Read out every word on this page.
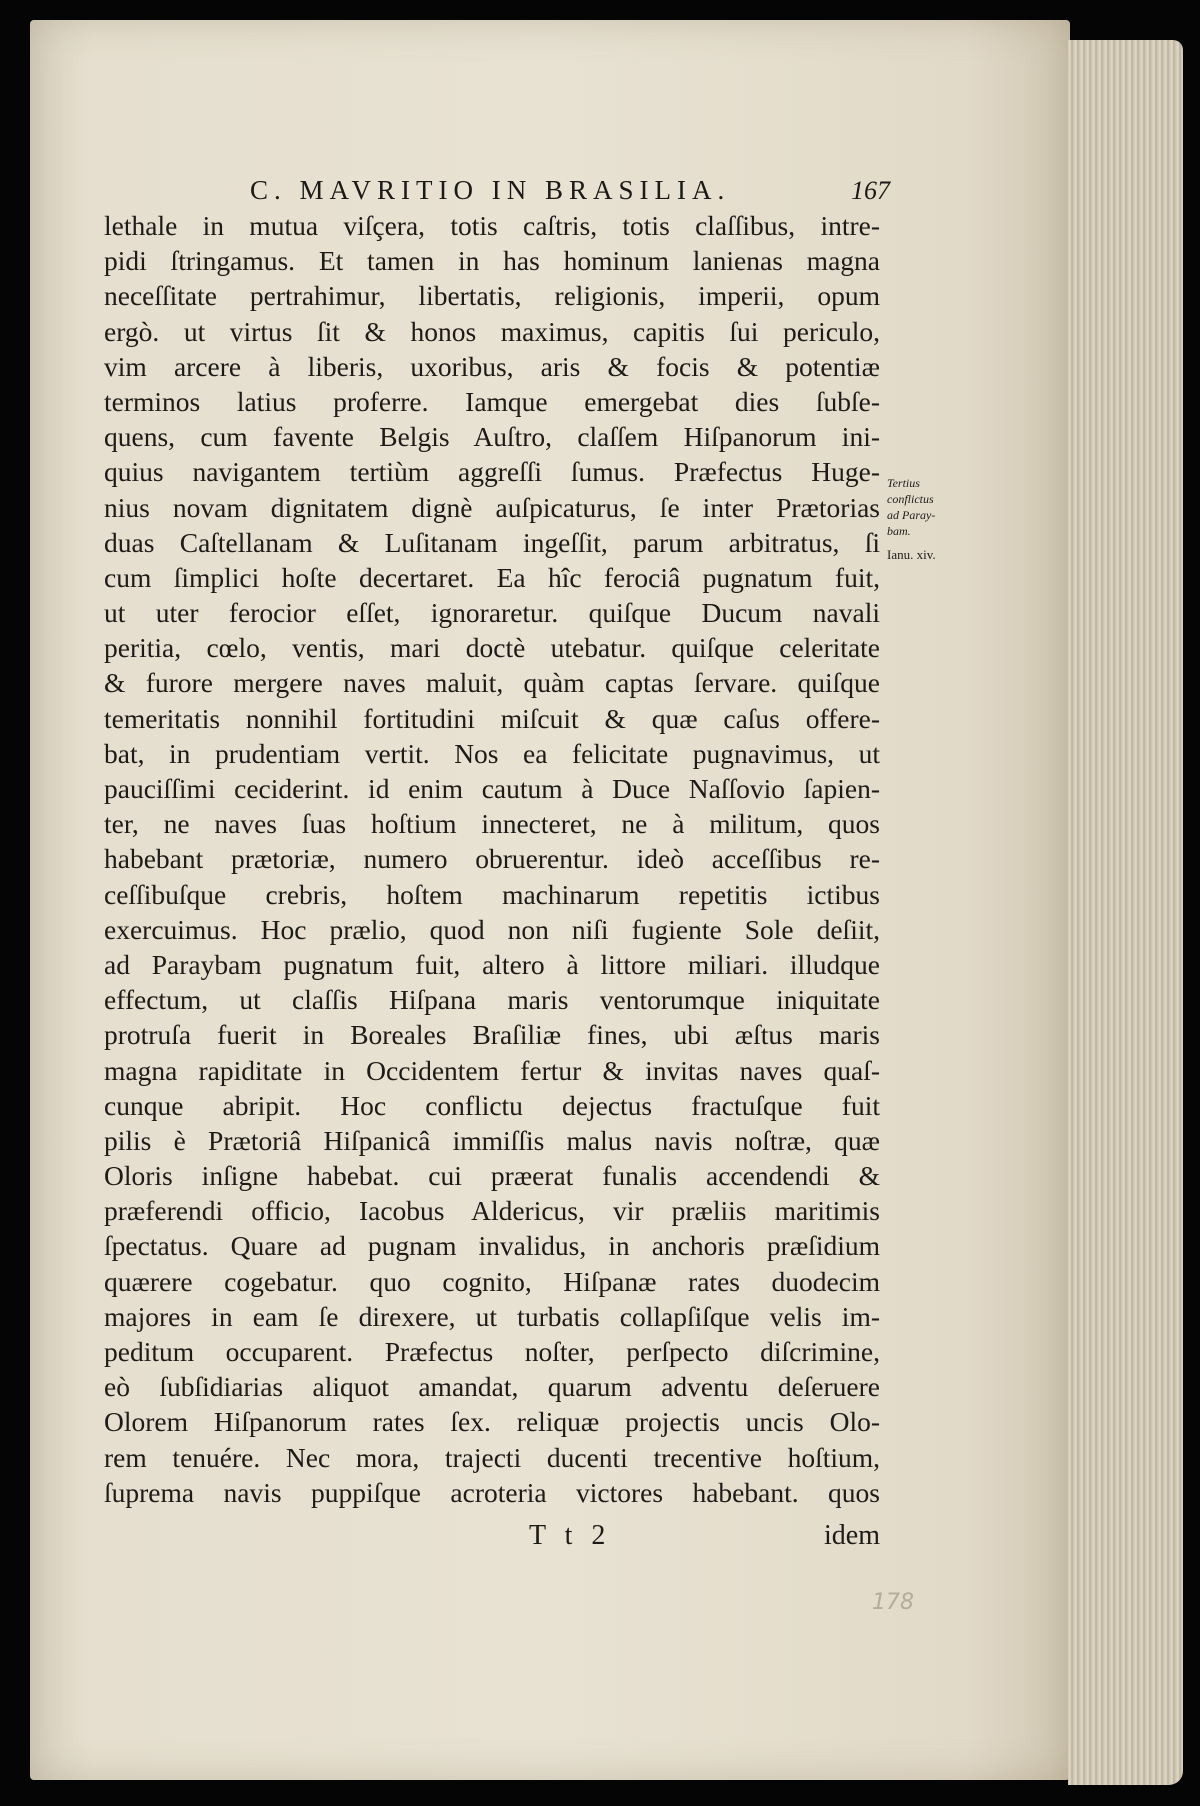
C. MAVRITIO IN BRASILIA.	167
lethale in mutua viſçera, totis caſtris, totis claſſibus, intre-
pidi ſtringamus. Et tamen in has hominum lanienas magna
neceſſitate pertrahimur, libertatis, religionis, imperii, opum
ergò. ut virtus ſit & honos maximus, capitis ſui periculo,
vim arcere à liberis, uxoribus, aris & focis & potentiæ
terminos latius proferre. Iamque emergebat dies ſubſe-
quens, cum favente Belgis Auſtro, claſſem Hiſpanorum ini-
quius navigantem tertiùm aggreſſi ſumus. Præfectus Huge-
nius novam dignitatem dignè auſpicaturus, ſe inter Prætorias
duas Caſtellanam & Luſitanam ingeſſit, parum arbitratus, ſi
cum ſimplici hoſte decertaret. Ea hîc ferociâ pugnatum fuit,
ut uter ferocior eſſet, ignoraretur. quiſque Ducum navali
peritia, cœlo, ventis, mari doctè utebatur. quiſque celeritate
& furore mergere naves maluit, quàm captas ſervare. quiſque
temeritatis nonnihil fortitudini miſcuit & quæ caſus offere-
bat, in prudentiam vertit. Nos ea felicitate pugnavimus, ut
pauciſſimi ceciderint. id enim cautum à Duce Naſſovio ſapien-
ter, ne naves ſuas hoſtium innecteret, ne à militum, quos
habebant prætoriæ, numero obruerentur. ideò acceſſibus re-
ceſſibuſque crebris, hoſtem machinarum repetitis ictibus
exercuimus. Hoc prælio, quod non niſi fugiente Sole deſiit,
ad Paraybam pugnatum fuit, altero à littore miliari. illudque
effectum, ut claſſis Hiſpana maris ventorumque iniquitate
protruſa fuerit in Boreales Braſiliæ fines, ubi æſtus maris
magna rapiditate in Occidentem fertur & invitas naves quaſ-
cunque abripit. Hoc conflictu dejectus fractuſque fuit
pilis è Prætoriâ Hiſpanicâ immiſſis malus navis noſtræ, quæ
Oloris inſigne habebat. cui præerat funalis accendendi &
præferendi officio, Iacobus Aldericus, vir præliis maritimis
ſpectatus. Quare ad pugnam invalidus, in anchoris præſidium
quærere cogebatur. quo cognito, Hiſpanæ rates duodecim
majores in eam ſe direxere, ut turbatis collapſiſque velis im-
peditum occuparent. Præfectus noſter, perſpecto diſcrimine,
eò ſubſidiarias aliquot amandat, quarum adventu deſeruere
Olorem Hiſpanorum rates ſex. reliquæ projectis uncis Olo-
rem tenuére. Nec mora, trajecti ducenti trecentive hoſtium,
ſuprema navis puppiſque acroteria victores habebant. quos
Tertius
conflictus
ad Paray-
bam.
Ianu. xiv.
T t 2	idem
178
